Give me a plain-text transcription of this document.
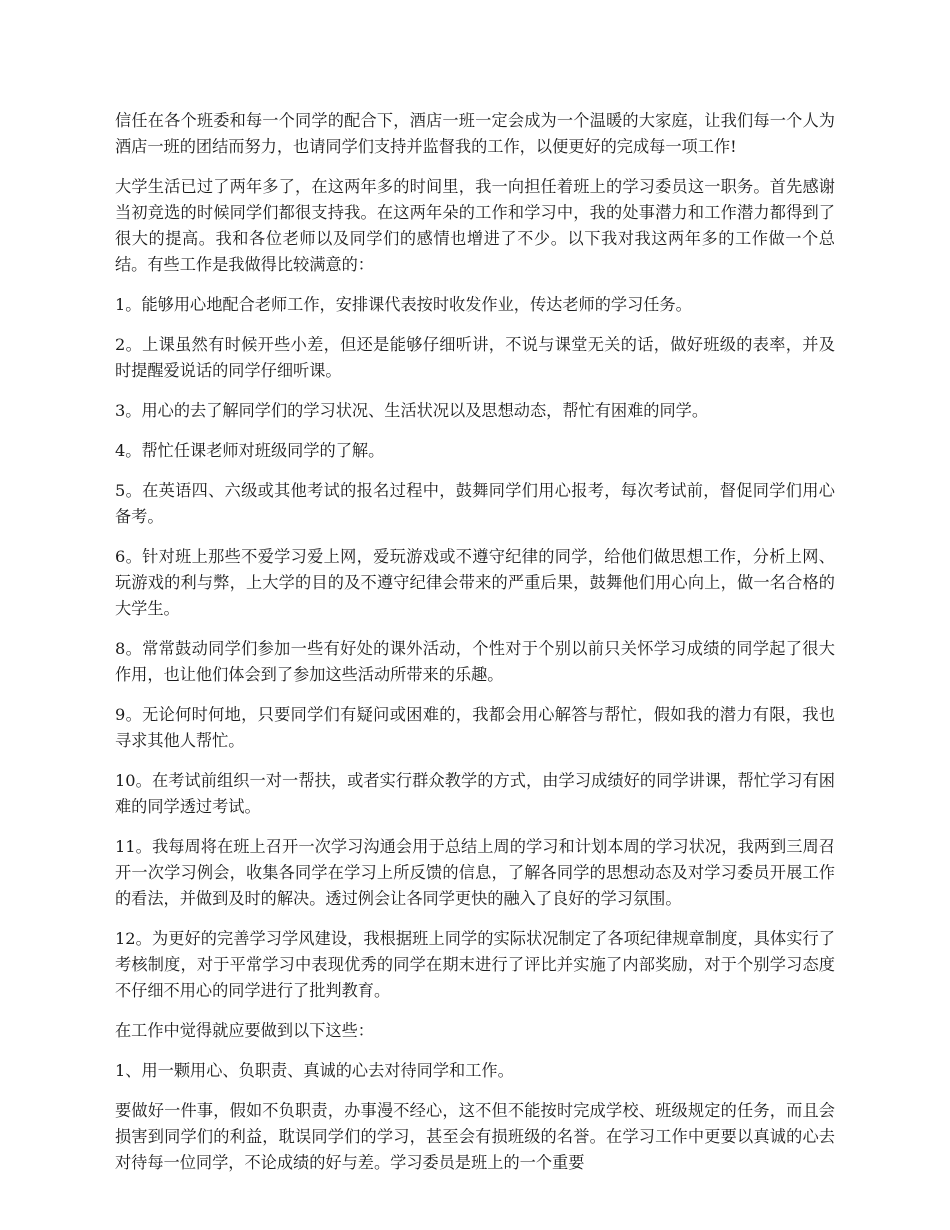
信任在各个班委和每一个同学的配合下，酒店一班一定会成为一个温暖的大家庭，让我们每一个人为酒店一班的团结而努力，也请同学们支持并监督我的工作，以便更好的完成每一项工作!

大学生活已过了两年多了，在这两年多的时间里，我一向担任着班上的学习委员这一职务。首先感谢当初竞选的时候同学们都很支持我。在这两年朵的工作和学习中，我的处事潜力和工作潜力都得到了很大的提高。我和各位老师以及同学们的感情也增进了不少。以下我对我这两年多的工作做一个总结。有些工作是我做得比较满意的：

1。能够用心地配合老师工作，安排课代表按时收发作业，传达老师的学习任务。

2。上课虽然有时候开些小差，但还是能够仔细听讲，不说与课堂无关的话，做好班级的表率，并及时提醒爱说话的同学仔细听课。

3。用心的去了解同学们的学习状况、生活状况以及思想动态，帮忙有困难的同学。

4。帮忙任课老师对班级同学的了解。

5。在英语四、六级或其他考试的报名过程中，鼓舞同学们用心报考，每次考试前，督促同学们用心备考。

6。针对班上那些不爱学习爱上网，爱玩游戏或不遵守纪律的同学，给他们做思想工作，分析上网、玩游戏的利与弊，上大学的目的及不遵守纪律会带来的严重后果，鼓舞他们用心向上，做一名合格的大学生。

8。常常鼓动同学们参加一些有好处的课外活动，个性对于个别以前只关怀学习成绩的同学起了很大作用，也让他们体会到了参加这些活动所带来的乐趣。

9。无论何时何地，只要同学们有疑问或困难的，我都会用心解答与帮忙，假如我的潜力有限，我也寻求其他人帮忙。

10。在考试前组织一对一帮扶，或者实行群众教学的方式，由学习成绩好的同学讲课，帮忙学习有困难的同学透过考试。

11。我每周将在班上召开一次学习沟通会用于总结上周的学习和计划本周的学习状况，我两到三周召开一次学习例会，收集各同学在学习上所反馈的信息，了解各同学的思想动态及对学习委员开展工作的看法，并做到及时的解决。透过例会让各同学更快的融入了良好的学习氛围。

12。为更好的完善学习学风建设，我根据班上同学的实际状况制定了各项纪律规章制度，具体实行了考核制度，对于平常学习中表现优秀的同学在期末进行了评比并实施了内部奖励，对于个别学习态度不仔细不用心的同学进行了批判教育。

在工作中觉得就应要做到以下这些：

1、用一颗用心、负职责、真诚的心去对待同学和工作。

要做好一件事，假如不负职责，办事漫不经心，这不但不能按时完成学校、班级规定的任务，而且会损害到同学们的利益，耽误同学们的学习，甚至会有损班级的名誉。在学习工作中更要以真诚的心去对待每一位同学，不论成绩的好与差。学习委员是班上的一个重要
